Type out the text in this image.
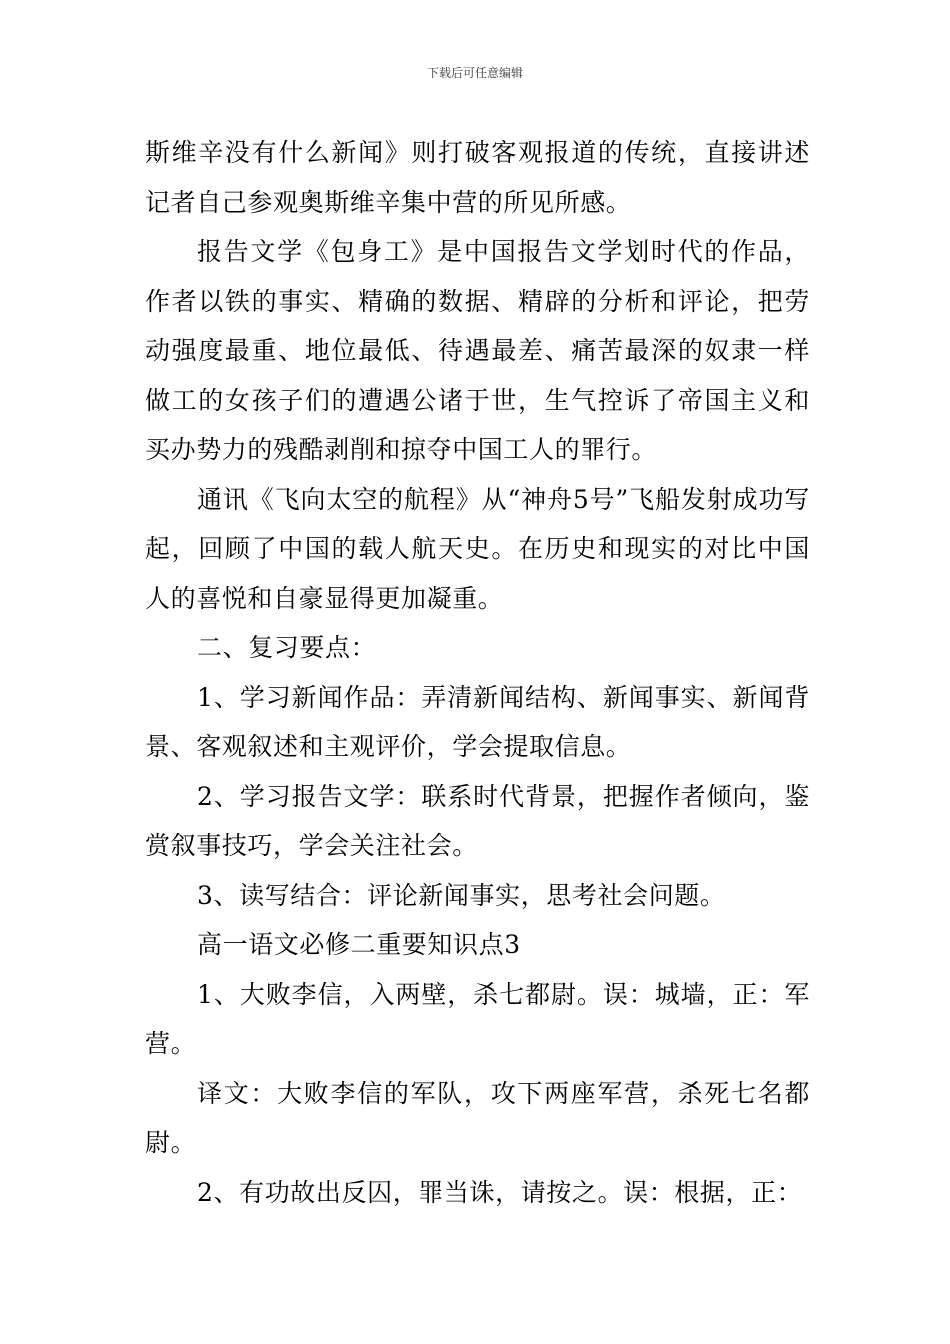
下载后可任意编辑

斯维辛没有什么新闻》则打破客观报道的传统，直接讲述记者自己参观奥斯维辛集中营的所见所感。

报告文学《包身工》是中国报告文学划时代的作品，作者以铁的事实、精确的数据、精辟的分析和评论，把劳动强度最重、地位最低、待遇最差、痛苦最深的奴隶一样做工的女孩子们的遭遇公诸于世，生气控诉了帝国主义和买办势力的残酷剥削和掠夺中国工人的罪行。

通讯《飞向太空的航程》从“神舟5号”飞船发射成功写起，回顾了中国的载人航天史。在历史和现实的对比中国人的喜悦和自豪显得更加凝重。

二、复习要点：

1、学习新闻作品：弄清新闻结构、新闻事实、新闻背景、客观叙述和主观评价，学会提取信息。

2、学习报告文学：联系时代背景，把握作者倾向，鉴赏叙事技巧，学会关注社会。

3、读写结合：评论新闻事实，思考社会问题。

高一语文必修二重要知识点3

1、大败李信，入两壁，杀七都尉。误：城墙，正：军营。

译文：大败李信的军队，攻下两座军营，杀死七名都尉。

2、有功故出反囚，罪当诛，请按之。误：根据，正：
